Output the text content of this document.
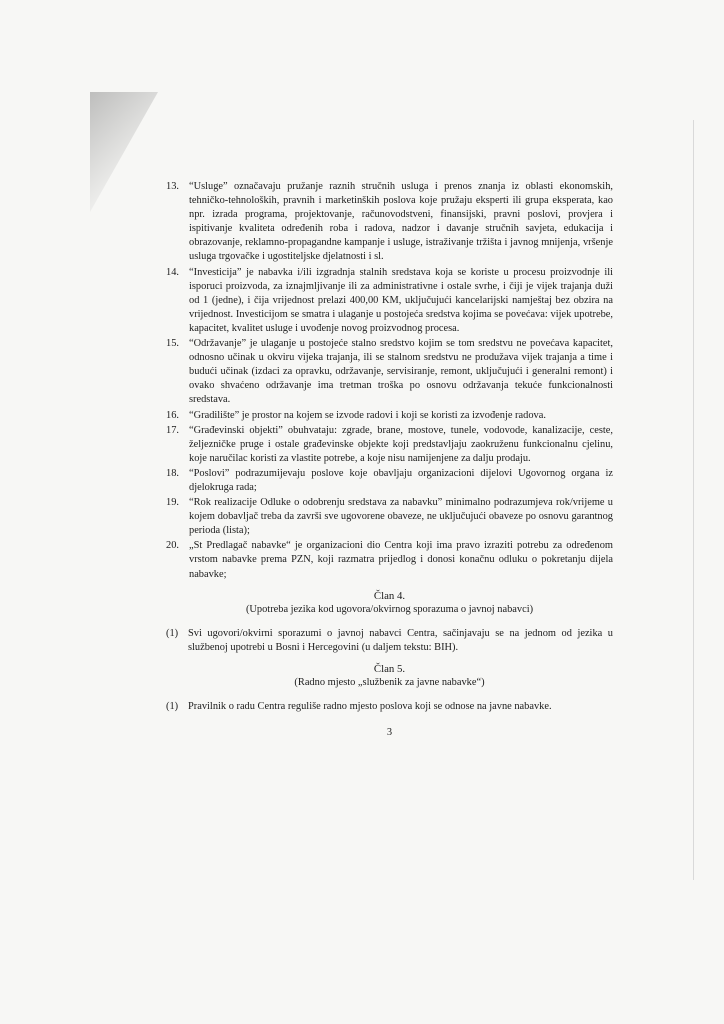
13. “Usluge” označavaju pružanje raznih stručnih usluga i prenos znanja iz oblasti ekonomskih, tehničko-tehnoloških, pravnih i marketinških poslova koje pružaju eksperti ili grupa eksperata, kao npr. izrada programa, projektovanje, računovodstveni, finansijski, pravni poslovi, provjera i ispitivanje kvaliteta određenih roba i radova, nadzor i davanje stručnih savjeta, edukacija i obrazovanje, reklamno-propagandne kampanje i usluge, istraživanje tržišta i javnog mnijenja, vršenje usluga trgovačke i ugostiteljske djelatnosti i sl.
14. “Investicija” je nabavka i/ili izgradnja stalnih sredstava koja se koriste u procesu proizvodnje ili isporuci proizvoda, za iznajmljivanje ili za administrativne i ostale svrhe, i čiji je vijek trajanja duži od 1 (jedne), i čija vrijednost prelazi 400,00 KM, uključujući kancelarijski namještaj bez obzira na vrijednost. Investicijom se smatra i ulaganje u postojeća sredstva kojima se povećava: vijek upotrebe, kapacitet, kvalitet usluge i uvođenje novog proizvodnog procesa.
15. “Održavanje” je ulaganje u postojeće stalno sredstvo kojim se tom sredstvu ne povećava kapacitet, odnosno učinak u okviru vijeka trajanja, ili se stalnom sredstvu ne produžava vijek trajanja a time i budući učinak (izdaci za opravku, održavanje, servisiranje, remont, uključujući i generalni remont) i ovako shvaćeno održavanje ima tretman troška po osnovu održavanja tekuće funkcionalnosti sredstava.
16. “Gradilište” je prostor na kojem se izvode radovi i koji se koristi za izvođenje radova.
17. “Građevinski objekti” obuhvataju: zgrade, brane, mostove, tunele, vodovode, kanalizacije, ceste, željezničke pruge i ostale građevinske objekte koji predstavljaju zaokruženu funkcionalnu cjelinu, koje naručilac koristi za vlastite potrebe, a koje nisu namijenjene za dalju prodaju.
18. “Poslovi” podrazumijevaju poslove koje obavljaju organizacioni dijelovi Ugovornog organa iz djelokruga rada;
19. “Rok realizacije Odluke o odobrenju sredstava za nabavku” minimalno podrazumjeva rok/vrijeme u kojem dobavljač treba da završi sve ugovorene obaveze, ne uključujući obaveze po osnovu garantnog perioda (lista);
20. „St Predlagač nabavke“ je organizacioni dio Centra koji ima pravo izraziti potrebu za određenom vrstom nabavke prema PZN, koji razmatra prijedlog i donosi konačnu odluku o pokretanju dijela nabavke;
Član 4.
(Upotreba jezika kod ugovora/okvirnog sporazuma o javnoj nabavci)
(1) Svi ugovori/okvirni sporazumi o javnoj nabavci Centra, sačinjavaju se na jednom od jezika u službenoj upotrebi u Bosni i Hercegovini (u daljem tekstu: BIH).
Član 5.
(Radno mjesto „službenik za javne nabavke“)
(1) Pravilnik o radu Centra reguliše radno mjesto poslova koji se odnose na javne nabavke.
3
